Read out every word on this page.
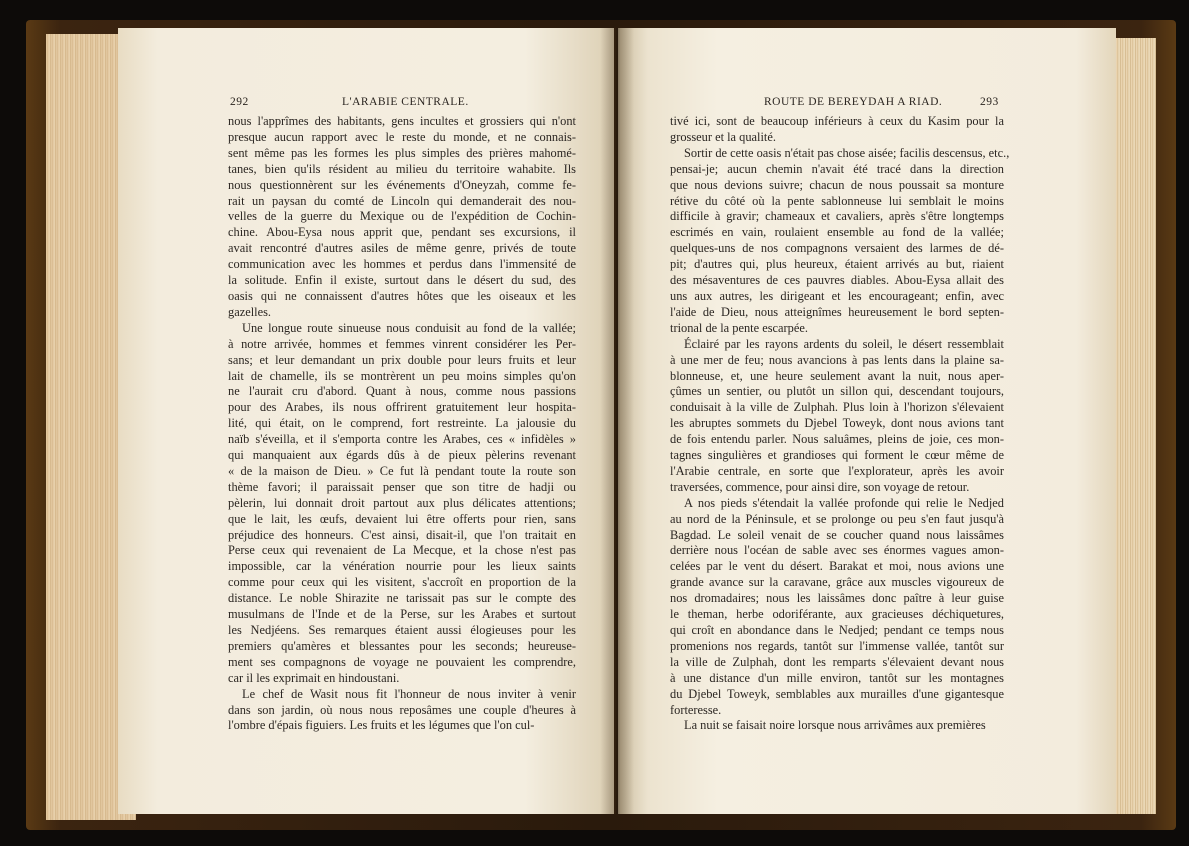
292	L'ARABIE CENTRALE.
nous l'apprîmes des habitants, gens incultes et grossiers qui n'ont
presque aucun rapport avec le reste du monde, et ne connais-
sent même pas les formes les plus simples des prières mahomé-
tanes, bien qu'ils résident au milieu du territoire wahabite. Ils
nous questionnèrent sur les événements d'Oneyzah, comme fe-
rait un paysan du comté de Lincoln qui demanderait des nou-
velles de la guerre du Mexique ou de l'expédition de Cochin-
chine. Abou-Eysa nous apprit que, pendant ses excursions, il
avait rencontré d'autres asiles de même genre, privés de toute
communication avec les hommes et perdus dans l'immensité de
la solitude. Enfin il existe, surtout dans le désert du sud, des
oasis qui ne connaissent d'autres hôtes que les oiseaux et les
gazelles.
Une longue route sinueuse nous conduisit au fond de la vallée;
à notre arrivée, hommes et femmes vinrent considérer les Per-
sans; et leur demandant un prix double pour leurs fruits et leur
lait de chamelle, ils se montrèrent un peu moins simples qu'on
ne l'aurait cru d'abord. Quant à nous, comme nous passions
pour des Arabes, ils nous offrirent gratuitement leur hospita-
lité, qui était, on le comprend, fort restreinte. La jalousie du
naïb s'éveilla, et il s'emporta contre les Arabes, ces « infidèles »
qui manquaient aux égards dûs à de pieux pèlerins revenant
« de la maison de Dieu. » Ce fut là pendant toute la route son
thème favori; il paraissait penser que son titre de hadji ou
pèlerin, lui donnait droit partout aux plus délicates attentions;
que le lait, les œufs, devaient lui être offerts pour rien, sans
préjudice des honneurs. C'est ainsi, disait-il, que l'on traitait en
Perse ceux qui revenaient de La Mecque, et la chose n'est pas
impossible, car la vénération nourrie pour les lieux saints
comme pour ceux qui les visitent, s'accroît en proportion de la
distance. Le noble Shirazite ne tarissait pas sur le compte des
musulmans de l'Inde et de la Perse, sur les Arabes et surtout
les Nedjéens. Ses remarques étaient aussi élogieuses pour les
premiers qu'amères et blessantes pour les seconds; heureuse-
ment ses compagnons de voyage ne pouvaient les comprendre,
car il les exprimait en hindoustani.
Le chef de Wasit nous fit l'honneur de nous inviter à venir
dans son jardin, où nous nous reposâmes une couple d'heures à
l'ombre d'épais figuiers. Les fruits et les légumes que l'on cul-
ROUTE DE BEREYDAH A RIAD.	293
tivé ici, sont de beaucoup inférieurs à ceux du Kasim pour la
grosseur et la qualité.
Sortir de cette oasis n'était pas chose aisée; facilis descensus, etc.,
pensai-je; aucun chemin n'avait été tracé dans la direction
que nous devions suivre; chacun de nous poussait sa monture
rétive du côté où la pente sablonneuse lui semblait le moins
difficile à gravir; chameaux et cavaliers, après s'être longtemps
escrimés en vain, roulaient ensemble au fond de la vallée;
quelques-uns de nos compagnons versaient des larmes de dé-
pit; d'autres qui, plus heureux, étaient arrivés au but, riaient
des mésaventures de ces pauvres diables. Abou-Eysa allait des
uns aux autres, les dirigeant et les encourageant; enfin, avec
l'aide de Dieu, nous atteignîmes heureusement le bord septen-
trional de la pente escarpée.
Éclairé par les rayons ardents du soleil, le désert ressemblait
à une mer de feu; nous avancions à pas lents dans la plaine sa-
blonneuse, et, une heure seulement avant la nuit, nous aper-
çûmes un sentier, ou plutôt un sillon qui, descendant toujours,
conduisait à la ville de Zulphah. Plus loin à l'horizon s'élevaient
les abruptes sommets du Djebel Toweyk, dont nous avions tant
de fois entendu parler. Nous saluâmes, pleins de joie, ces mon-
tagnes singulières et grandioses qui forment le cœur même de
l'Arabie centrale, en sorte que l'explorateur, après les avoir
traversées, commence, pour ainsi dire, son voyage de retour.
A nos pieds s'étendait la vallée profonde qui relie le Nedjed
au nord de la Péninsule, et se prolonge ou peu s'en faut jusqu'à
Bagdad. Le soleil venait de se coucher quand nous laissâmes
derrière nous l'océan de sable avec ses énormes vagues amon-
celées par le vent du désert. Barakat et moi, nous avions une
grande avance sur la caravane, grâce aux muscles vigoureux de
nos dromadaires; nous les laissâmes donc paître à leur guise
le theman, herbe odoriférante, aux gracieuses déchiquetures,
qui croît en abondance dans le Nedjed; pendant ce temps nous
promenions nos regards, tantôt sur l'immense vallée, tantôt sur
la ville de Zulphah, dont les remparts s'élevaient devant nous
à une distance d'un mille environ, tantôt sur les montagnes
du Djebel Toweyk, semblables aux murailles d'une gigantesque
forteresse.
La nuit se faisait noire lorsque nous arrivâmes aux premières
